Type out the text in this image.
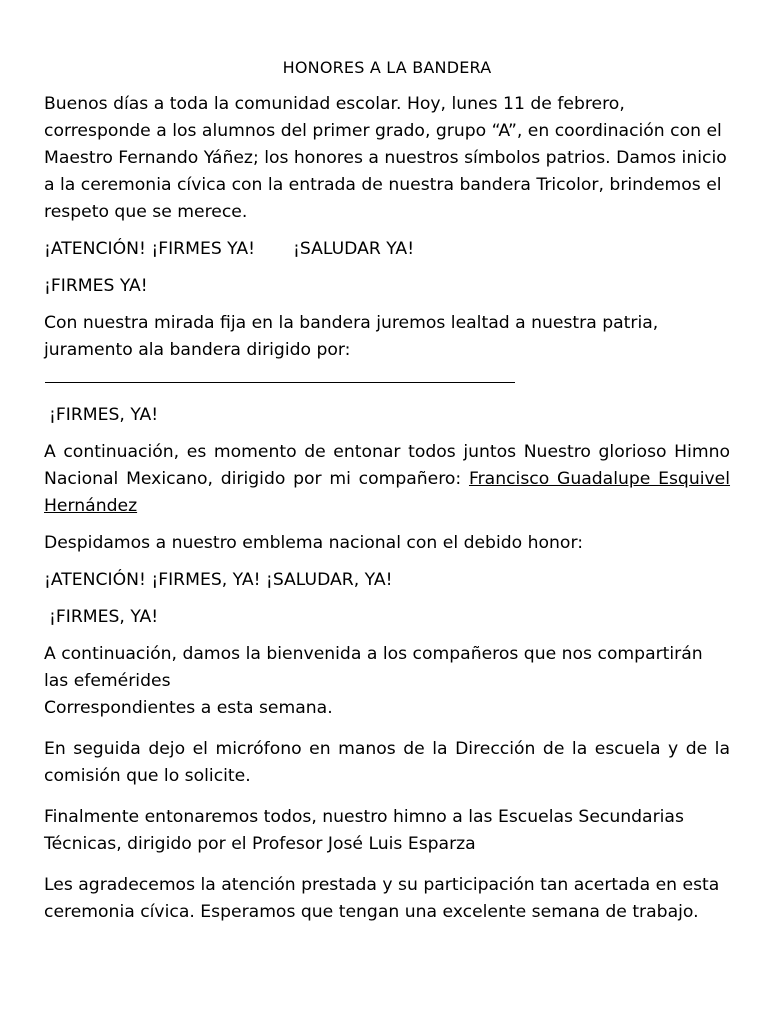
HONORES A LA BANDERA
Buenos días a toda la comunidad escolar. Hoy, lunes 11 de febrero, corresponde a los alumnos del primer grado, grupo “A”, en coordinación con el Maestro Fernando Yáñez; los honores a nuestros símbolos patrios. Damos inicio a la ceremonia cívica con la entrada de nuestra bandera Tricolor, brindemos el respeto que se merece.
¡ATENCIÓN! ¡FIRMES YA! ¡SALUDAR YA!
¡FIRMES YA!
Con nuestra mirada fija en la bandera juremos lealtad a nuestra patria, juramento ala bandera dirigido por:
¡FIRMES, YA!
A continuación, es momento de entonar todos juntos Nuestro glorioso Himno Nacional Mexicano, dirigido por mi compañero: Francisco Guadalupe Esquivel Hernández
Despidamos a nuestro emblema nacional con el debido honor:
¡ATENCIÓN! ¡FIRMES, YA! ¡SALUDAR, YA!
¡FIRMES, YA!
A continuación, damos la bienvenida a los compañeros que nos compartirán las efemérides
Correspondientes a esta semana.
En seguida dejo el micrófono en manos de la Dirección de la escuela y de la comisión que lo solicite.
Finalmente entonaremos todos, nuestro himno a las Escuelas Secundarias Técnicas, dirigido por el Profesor José Luis Esparza
Les agradecemos la atención prestada y su participación tan acertada en esta ceremonia cívica. Esperamos que tengan una excelente semana de trabajo.
